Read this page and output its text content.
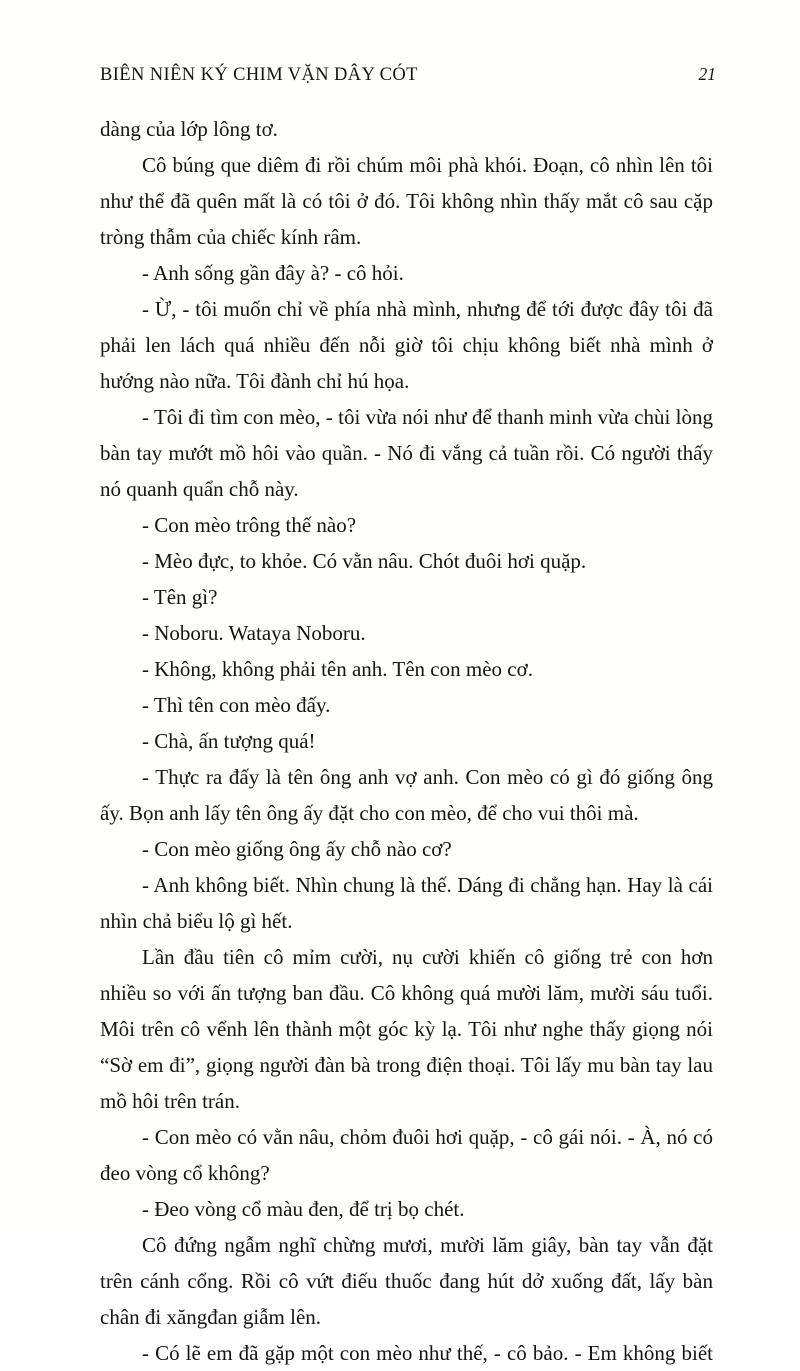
BIÊN NIÊN KÝ CHIM VẶN DÂY CÓT	21

dàng của lớp lông tơ.

Cô búng que diêm đi rồi chúm môi phà khói. Đoạn, cô nhìn lên tôi như thể đã quên mất là có tôi ở đó. Tôi không nhìn thấy mắt cô sau cặp tròng thẫm của chiếc kính râm.

- Anh sống gần đây à? - cô hỏi.

- Ừ, - tôi muốn chỉ về phía nhà mình, nhưng để tới được đây tôi đã phải len lách quá nhiều đến nỗi giờ tôi chịu không biết nhà mình ở hướng nào nữa. Tôi đành chỉ hú họa.

- Tôi đi tìm con mèo, - tôi vừa nói như để thanh minh vừa chùi lòng bàn tay mướt mồ hôi vào quần. - Nó đi vắng cả tuần rồi. Có người thấy nó quanh quẩn chỗ này.

- Con mèo trông thế nào?

- Mèo đực, to khỏe. Có vằn nâu. Chót đuôi hơi quặp.

- Tên gì?

- Noboru. Wataya Noboru.

- Không, không phải tên anh. Tên con mèo cơ.

- Thì tên con mèo đấy.

- Chà, ấn tượng quá!

- Thực ra đấy là tên ông anh vợ anh. Con mèo có gì đó giống ông ấy. Bọn anh lấy tên ông ấy đặt cho con mèo, để cho vui thôi mà.

- Con mèo giống ông ấy chỗ nào cơ?

- Anh không biết. Nhìn chung là thế. Dáng đi chẳng hạn. Hay là cái nhìn chả biểu lộ gì hết.

Lần đầu tiên cô mỉm cười, nụ cười khiến cô giống trẻ con hơn nhiều so với ấn tượng ban đầu. Cô không quá mười lăm, mười sáu tuổi. Môi trên cô vểnh lên thành một góc kỳ lạ. Tôi như nghe thấy giọng nói “Sờ em đi”, giọng người đàn bà trong điện thoại. Tôi lấy mu bàn tay lau mồ hôi trên trán.

- Con mèo có vằn nâu, chỏm đuôi hơi quặp, - cô gái nói. - À, nó có đeo vòng cổ không?

- Đeo vòng cổ màu đen, để trị bọ chét.

Cô đứng ngẫm nghĩ chừng mươi, mười lăm giây, bàn tay vẫn đặt trên cánh cổng. Rồi cô vứt điếu thuốc đang hút dở xuống đất, lấy bàn chân đi xăngđan giẫm lên.

- Có lẽ em đã gặp một con mèo như thế, - cô bảo. - Em không biết
